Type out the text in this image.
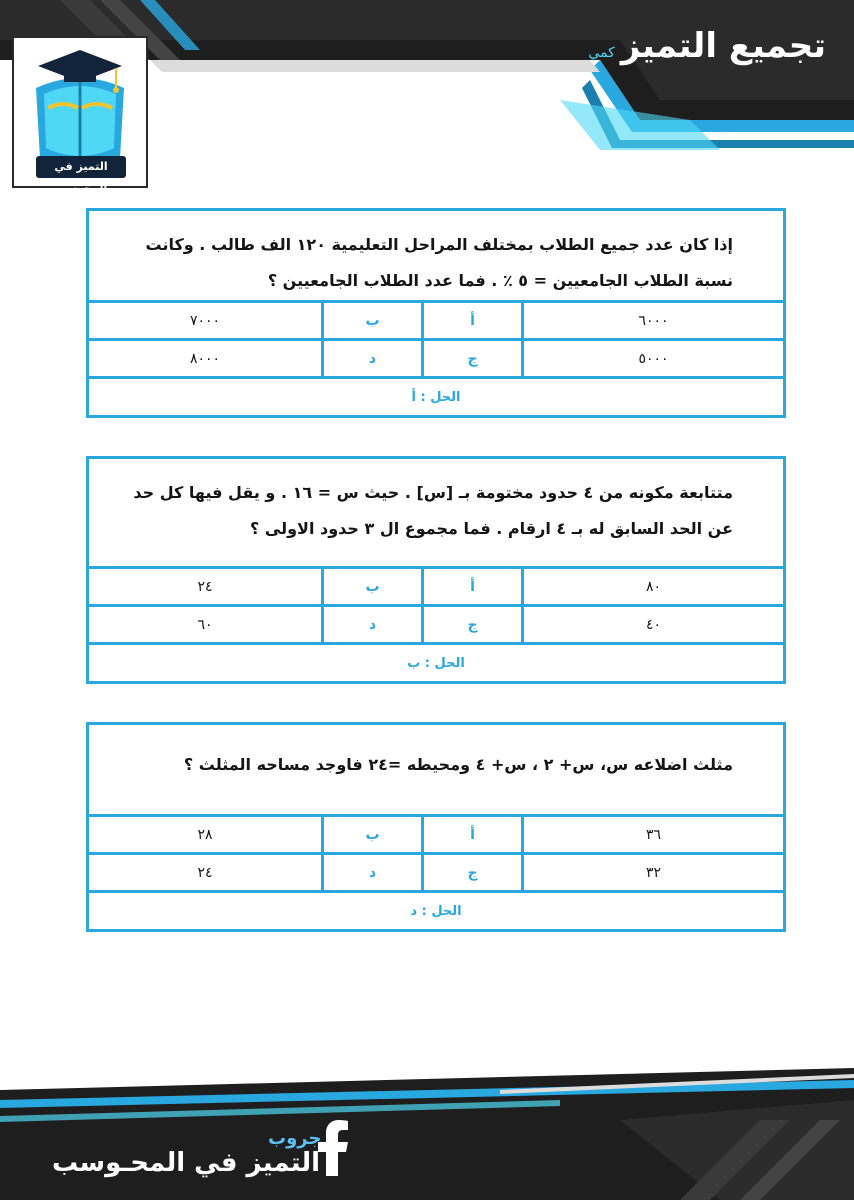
تجميع التميزكمي
التميز في المحوسب
إذا كان عدد جميع الطلاب بمختلف المراحل التعليمية ١٢٠ الف طالب . وكانت نسبة الطلاب الجامعيين = ٥ ٪ . فما عدد الطلاب الجامعيين ؟
٦٠٠٠
أ
ب
٧٠٠٠
٥٠٠٠
ج
د
٨٠٠٠
الحل : أ
متتابعة مكونه من ٤ حدود مختومة بـ [س] . حيث س = ١٦ . و يقل فيها كل حد عن الحد السابق له بـ ٤ ارقام . فما مجموع ال ٣ حدود الاولى ؟
٨٠
أ
ب
٢٤
٤٠
ج
د
٦٠
الحل : ب
مثلث اضلاعه س، س+ ٢ ، س+ ٤ ومحيطه =٢٤ فاوجد مساحه المثلث ؟
٣٦
أ
ب
٢٨
٣٢
ج
د
٢٤
الحل : د
جروب
التميز في المحـوسب
